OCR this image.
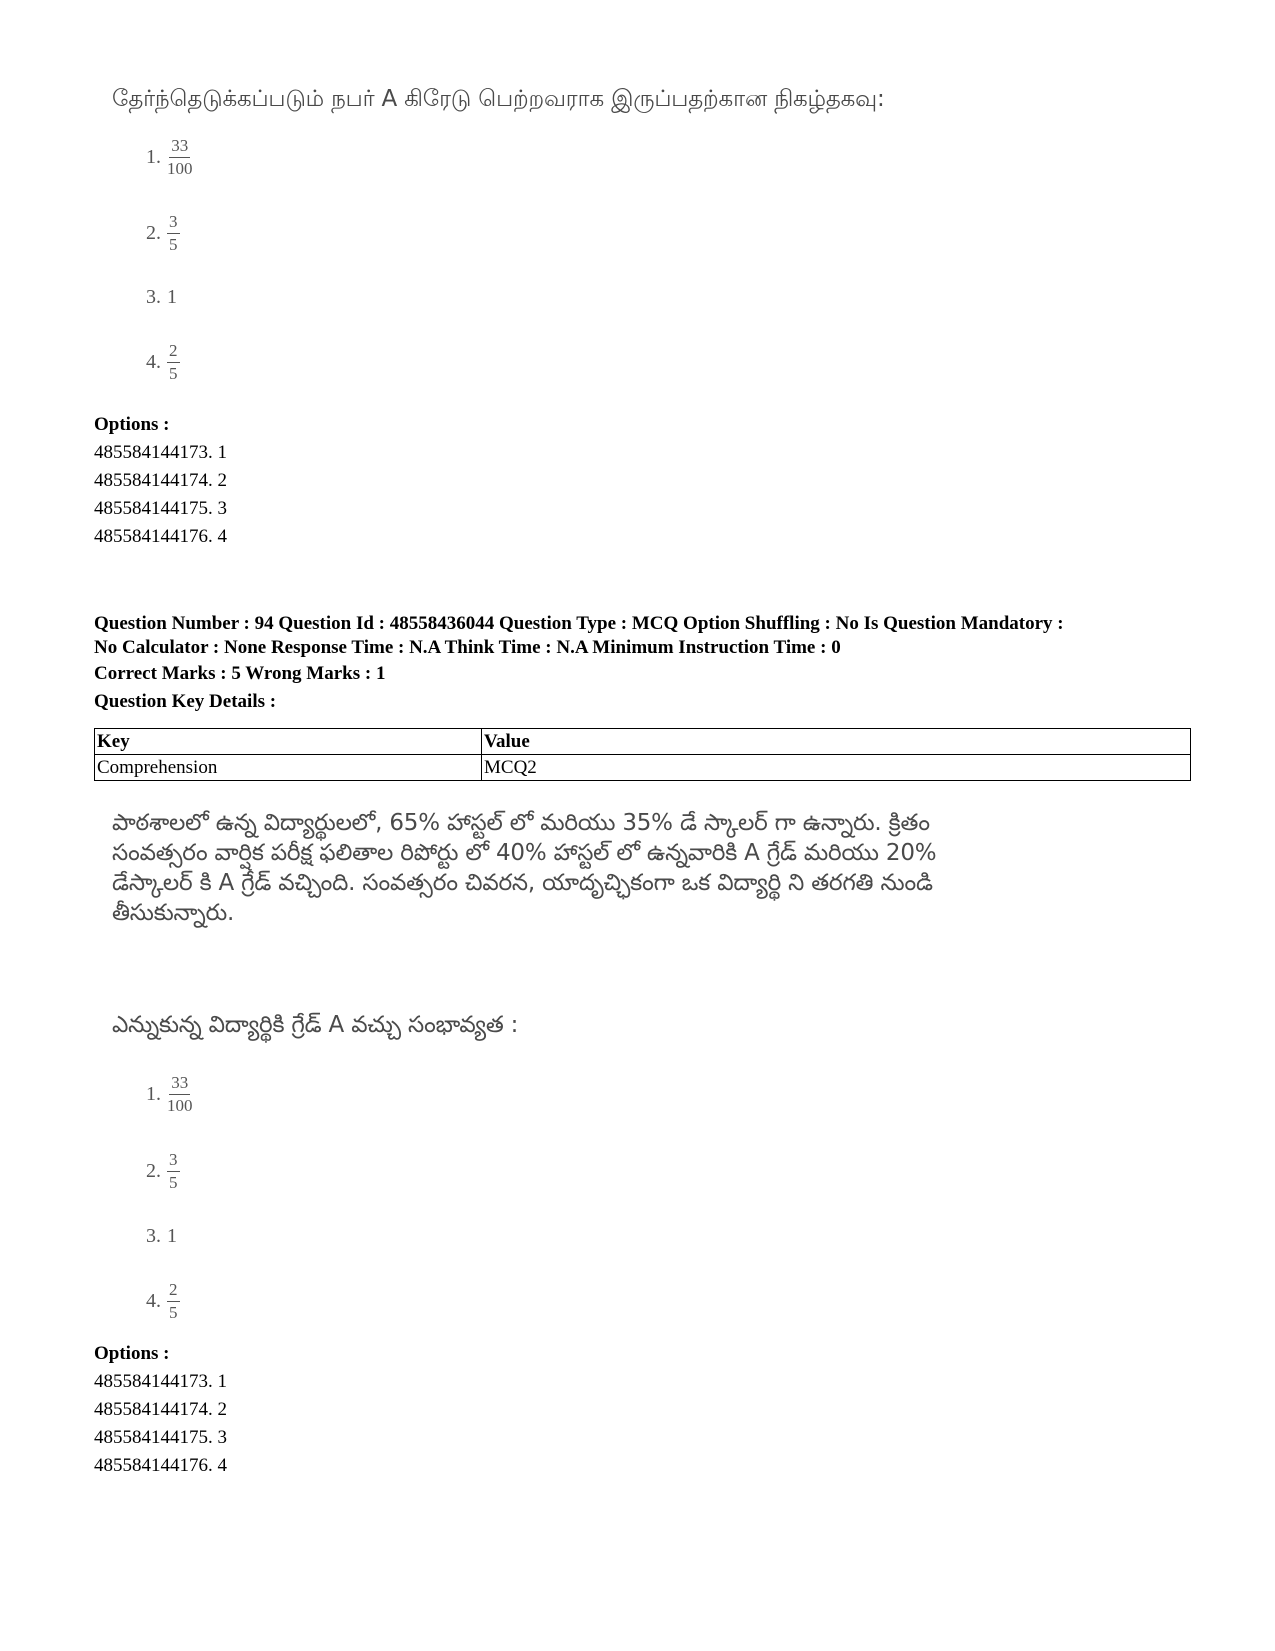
தேர்ந்தெடுக்கப்படும் நபர் A கிரேடு பெற்றவராக இருப்பதற்கான நிகழ்தகவு:
1. $\frac{33}{100}$
2. $\frac{3}{5}$
3. 1
4. $\frac{2}{5}$
Options :
485584144173. 1
485584144174. 2
485584144175. 3
485584144176. 4
Question Number : 94 Question Id : 48558436044 Question Type : MCQ Option Shuffling : No Is Question Mandatory :
No Calculator : None Response Time : N.A Think Time : N.A Minimum Instruction Time : 0
Correct Marks : 5 Wrong Marks : 1
Question Key Details :
Key	Value
Comprehension	MCQ2
పాఠశాలలో ఉన్న విద్యార్థులలో, 65% హాస్టల్ లో మరియు 35% డే స్కాలర్ గా ఉన్నారు. క్రితం
సంవత్సరం వార్షిక పరీక్ష ఫలితాల రిపోర్టు లో 40% హాస్టల్ లో ఉన్నవారికి A గ్రేడ్ మరియు 20%
డేస్కాలర్ కి A గ్రేడ్ వచ్చింది. సంవత్సరం చివరన, యాదృచ్ఛికంగా ఒక విద్యార్థి ని తరగతి నుండి
తీసుకున్నారు.
ఎన్నుకున్న విద్యార్థికి గ్రేడ్ A వచ్చు సంభావ్యత :
1. $\frac{33}{100}$
2. $\frac{3}{5}$
3. 1
4. $\frac{2}{5}$
Options :
485584144173. 1
485584144174. 2
485584144175. 3
485584144176. 4
